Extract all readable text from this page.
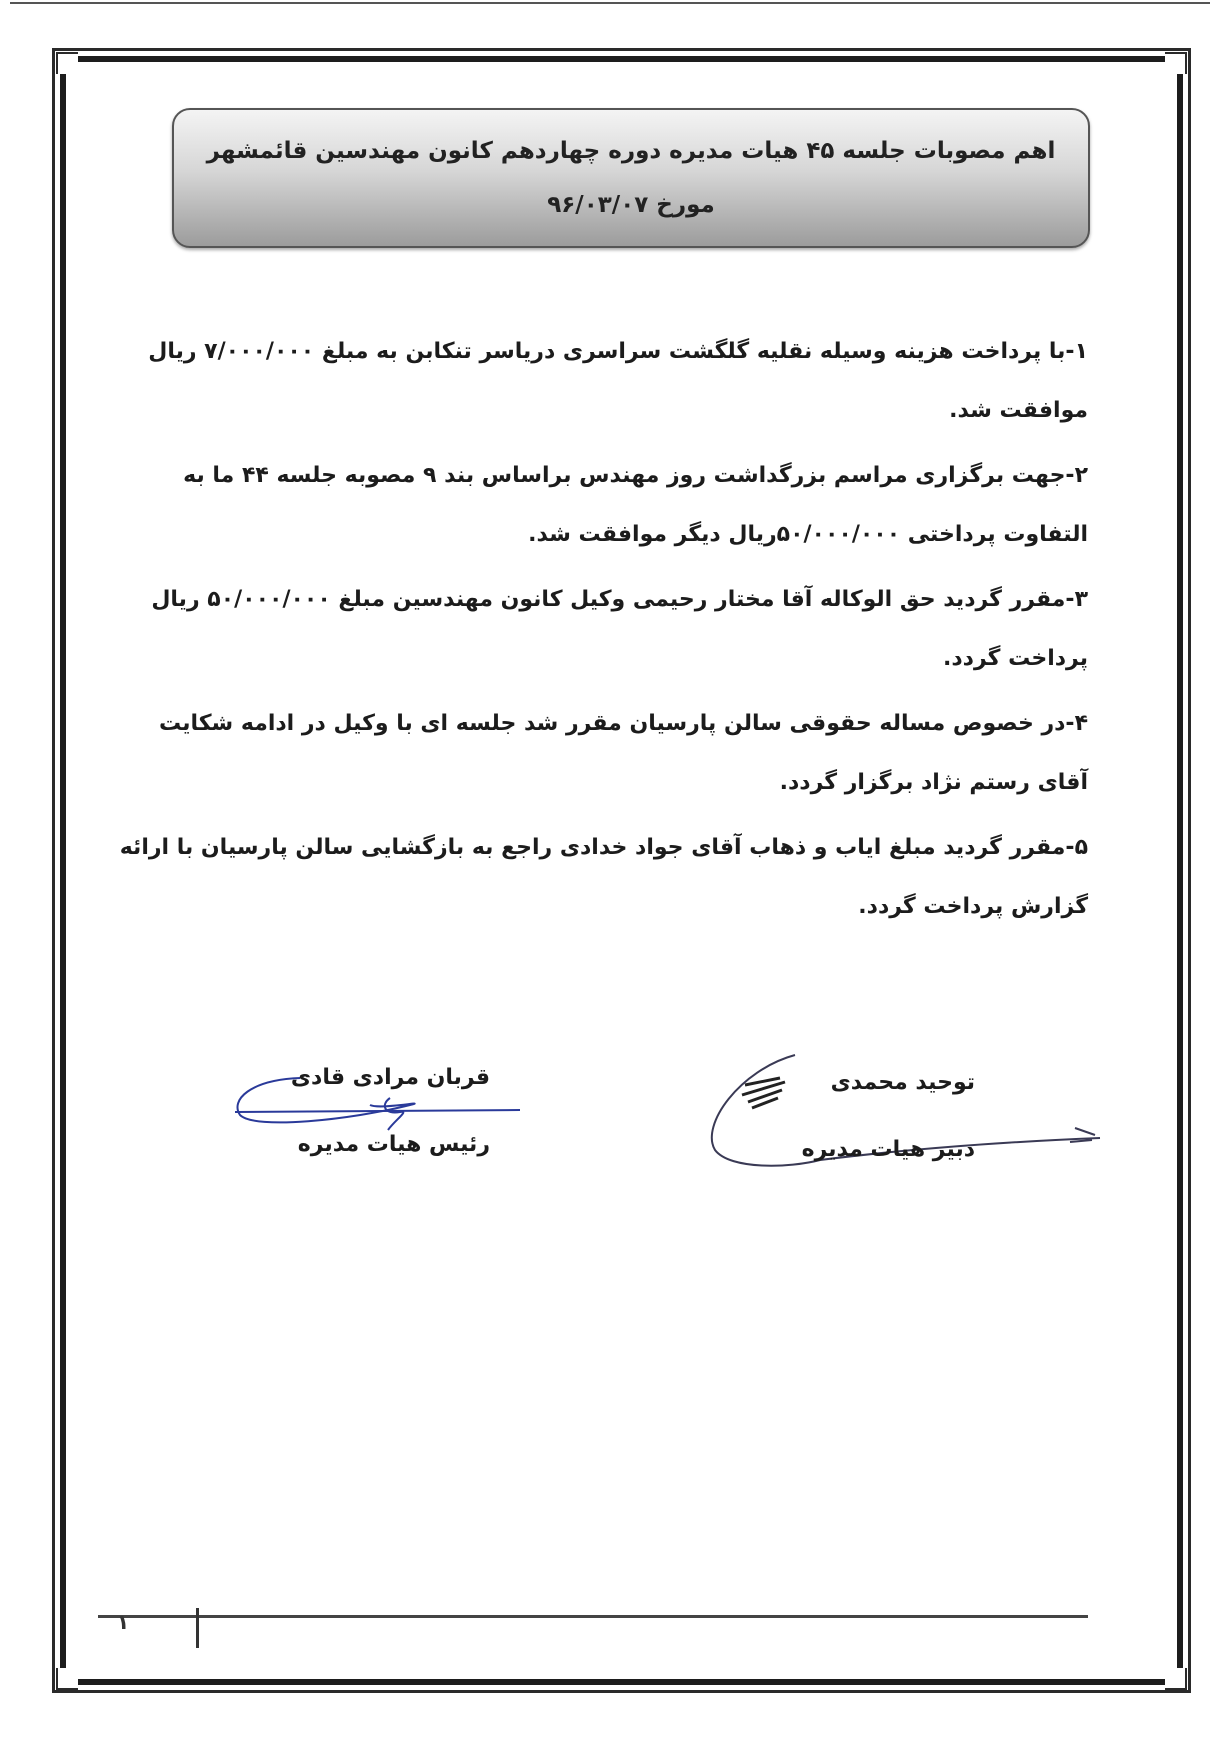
اهم مصوبات جلسه ۴۵ هیات مدیره دوره چهاردهم کانون مهندسین قائمشهر
مورخ ۹۶/۰۳/۰۷
۱-با پرداخت هزینه وسیله نقلیه گلگشت سراسری دریاسر تنکابن به مبلغ ۷/۰۰۰/۰۰۰ ریال موافقت شد.
۲-جهت برگزاری مراسم بزرگداشت روز مهندس براساس بند ۹ مصوبه جلسه ۴۴ ما به التفاوت پرداختی ۵۰/۰۰۰/۰۰۰ریال دیگر موافقت شد.
۳-مقرر گردید حق الوکاله آقا مختار رحیمی وکیل کانون مهندسین مبلغ ۵۰/۰۰۰/۰۰۰ ریال پرداخت گردد.
۴-در خصوص مساله حقوقی سالن پارسیان مقرر شد جلسه ای با وکیل در ادامه شکایت آقای رستم نژاد برگزار گردد.
۵-مقرر گردید مبلغ ایاب و ذهاب آقای جواد خدادی راجع به بازگشایی سالن پارسیان با ارائه گزارش پرداخت گردد.
قربان مرادی قادی
رئیس هیات مدیره
توحید محمدی
دبیر هیات مدیره
۱
